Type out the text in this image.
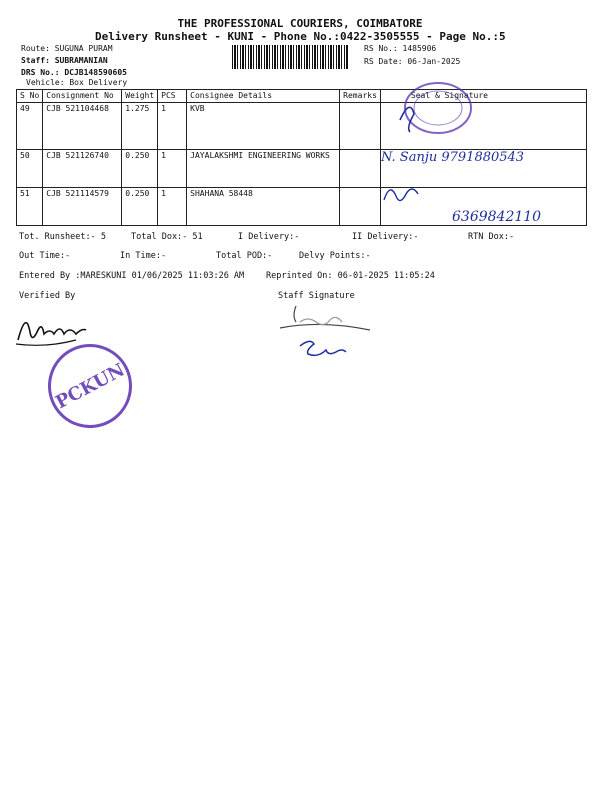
THE PROFESSIONAL COURIERS, COIMBATORE
Delivery Runsheet - KUNI - Phone No.:0422-3505555 - Page No.:5
Route: SUGUNA PURAM
Staff: SUBRAMANIAN
DRS No.: DCJB148590605
Vehicle: Box Delivery
RS No.: 1485906
RS Date: 06-Jan-2025
S No	Consignment No	Weight	PCS	Consignee Details	Remarks	Seal & Signature
49	CJB 521104468	1.275	1	KVB		
50	CJB 521126740	0.250	1	JAYALAKSHMI ENGINEERING WORKS		
51	CJB 521114579	0.250	1	SHAHANA 58448		
N. Sanju 9791880543
6369842110
Tot. Runsheet:- 5	Total Dox:- 51	I Delivery:-	II Delivery:-	RTN Dox:-
Out Time:-	In Time:-	Total POD:-	Delvy Points:-
Entered By :MARESKUNI 01/06/2025 11:03:26 AM	Reprinted On: 06-01-2025 11:05:24
Verified By	Staff Signature
PCKUN
